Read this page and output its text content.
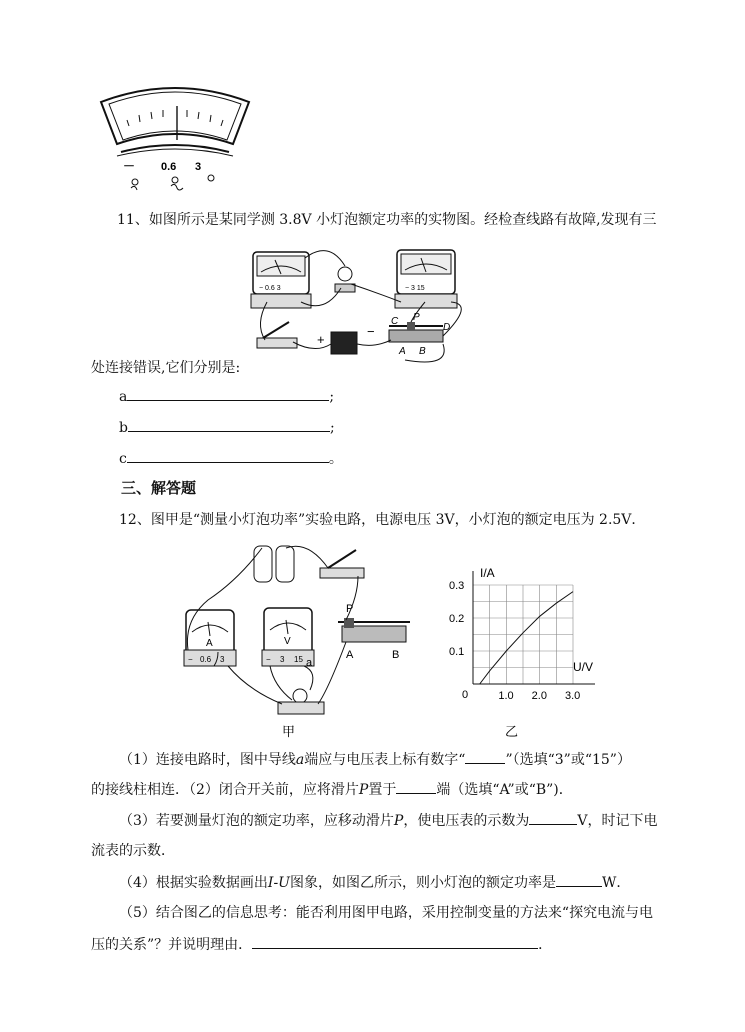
－ 0.6 3
11、如图所示是某同学测 3.8V 小灯泡额定功率的实物图。经检查线路有故障,发现有三
− 0.6 3	− 3 15
+
−
C P
D
A B
处连接错误,它们分别是:
a	;
b	;
c	。
三、解答题
12、图甲是“测量小灯泡功率”实验电路，电源电压 3V，小灯泡的额定电压为 2.5V．
A
− 0.6 3
V
− 3 15
P
A	B
a
甲
1.0 2.0 3.0
0.1
0.2
0.3
I/A
U/V
0
乙
（1）连接电路时，图中导线a端应与电压表上标有数字“	”（选填“3”或“15”）
的接线柱相连．（2）闭合开关前，应将滑片P置于	端（选填“A”或“B”)．
（3）若要测量灯泡的额定功率，应移动滑片P，使电压表的示数为	V，时记下电
流表的示数．
（4）根据实验数据画出I-U图象，如图乙所示，则小灯泡的额定功率是	W．
（5）结合图乙的信息思考：能否利用图甲电路，采用控制变量的方法来“探究电流与电
压的关系”？并说明理由．	．
